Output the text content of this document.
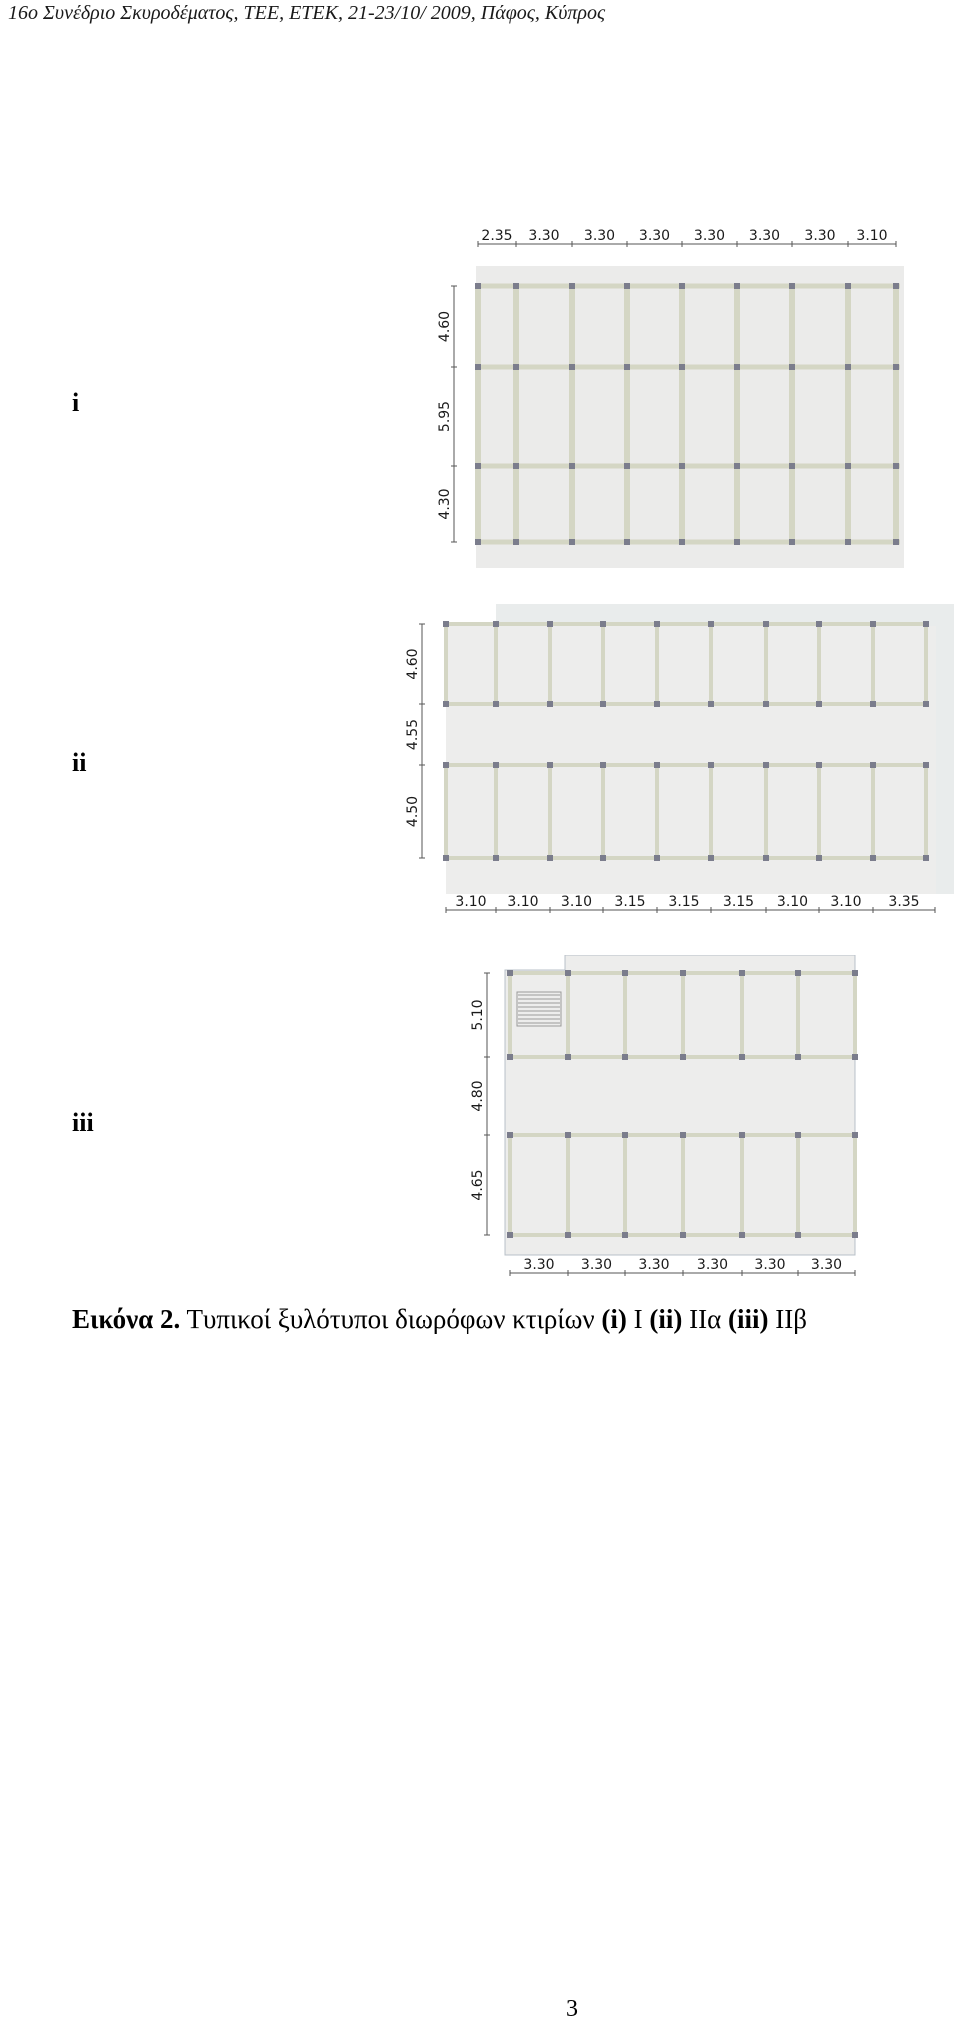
16ο Συνέδριο Σκυροδέματος, ΤΕΕ, ΕΤΕΚ, 21-23/10/ 2009, Πάφος, Κύπρος
i
ii
iii
2.35 3.30 3.30 3.30 3.30 3.30 3.30 3.10
4.60
5.95
4.30
4.60
4.55
4.50
3.10 3.10 3.10 3.15 3.15 3.15 3.10 3.10 3.35
5.10
4.80
4.65
3.30 3.30 3.30 3.30 3.30 3.30
Εικόνα 2. Τυπικοί ξυλότυποι διωρόφων κτιρίων (i) Ι (ii) ΙΙα (iii) ΙΙβ
3
